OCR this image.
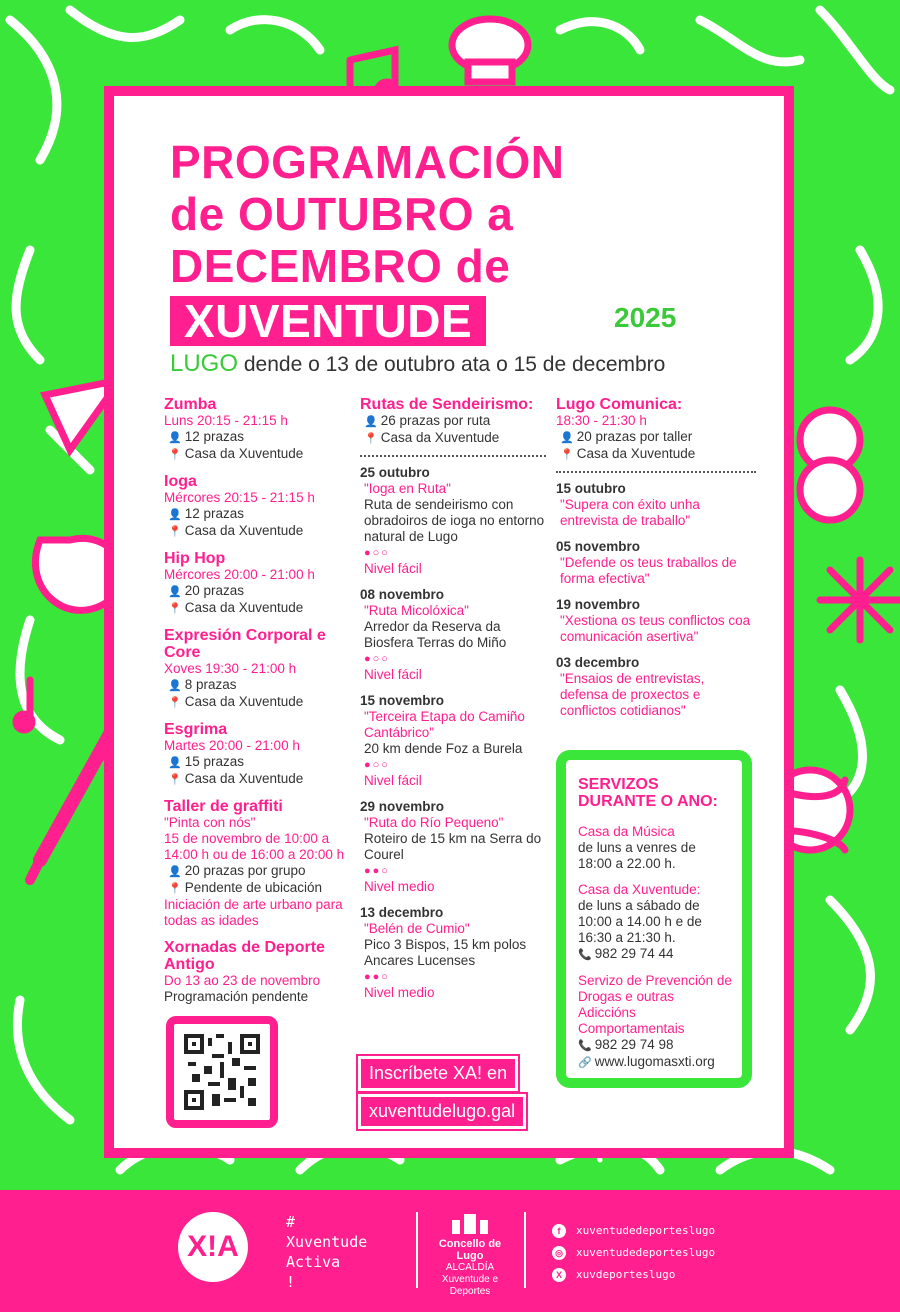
PROGRAMACIÓN
de OUTUBRO a
DECEMBRO de
XUVENTUDE	2025
LUGO dende o 13 de outubro ata o 15 de decembro
Zumba
Luns 20:15 - 21:15 h
👤 12 prazas
📍 Casa da Xuventude
Ioga
Mércores 20:15 - 21:15 h
👤 12 prazas
📍 Casa da Xuventude
Hip Hop
Mércores 20:00 - 21:00 h
👤 20 prazas
📍 Casa da Xuventude
Expresión Corporal e Core
Xoves 19:30 - 21:00 h
👤 8 prazas
📍 Casa da Xuventude
Esgrima
Martes 20:00 - 21:00 h
👤 15 prazas
📍 Casa da Xuventude
Taller de graffiti
"Pinta con nós"
15 de novembro de 10:00 a 14:00 h ou de 16:00 a 20:00 h
👤 20 prazas por grupo
📍 Pendente de ubicación
Iniciación de arte urbano para todas as idades
Xornadas de Deporte Antigo
Do 13 ao 23 de novembro
Programación pendente
Rutas de Sendeirismo:
👤 26 prazas por ruta
📍 Casa da Xuventude
25 outubro
"Ioga en Ruta"
Ruta de sendeirismo con obradoiros de ioga no entorno natural de Lugo
●○○
Nivel fácil
08 novembro
"Ruta Micolóxica"
Arredor da Reserva da Biosfera Terras do Miño
●○○
Nivel fácil
15 novembro
"Terceira Etapa do Camiño Cantábrico"
20 km dende Foz a Burela
●○○
Nivel fácil
29 novembro
"Ruta do Río Pequeno"
Roteiro de 15 km na Serra do Courel
●●○
Nivel medio
13 decembro
"Belén de Cumio"
Pico 3 Bispos, 15 km polos Ancares Lucenses
●●○
Nivel medio
Lugo Comunica:
18:30 - 21:30 h
👤 20 prazas por taller
📍 Casa da Xuventude
15 outubro
"Supera con éxito unha entrevista de traballo"
05 novembro
"Defende os teus traballos de forma efectiva"
19 novembro
"Xestiona os teus conflictos coa comunicación asertiva"
03 decembro
"Ensaios de entrevistas, defensa de proxectos e conflictos cotidianos"
SERVIZOS DURANTE O ANO:
Casa da Música
de luns a venres de 18:00 a 22.00 h.
Casa da Xuventude:
de luns a sábado de 10:00 a 14.00 h e de 16:30 a 21:30 h.
📞 982 29 74 44
Servizo de Prevención de Drogas e outras Adiccións Comportamentais
📞 982 29 74 98
🔗 www.lugomasxti.org
Inscríbete XA! en
xuventudelugo.gal
X!A
#
Xuventude
Activa
!
Concello de Lugo
ALCALDÍA
Xuventude e Deportes
f xuventudedeporteslugo
◎ xuventudedeporteslugo
X xuvdeporteslugo
